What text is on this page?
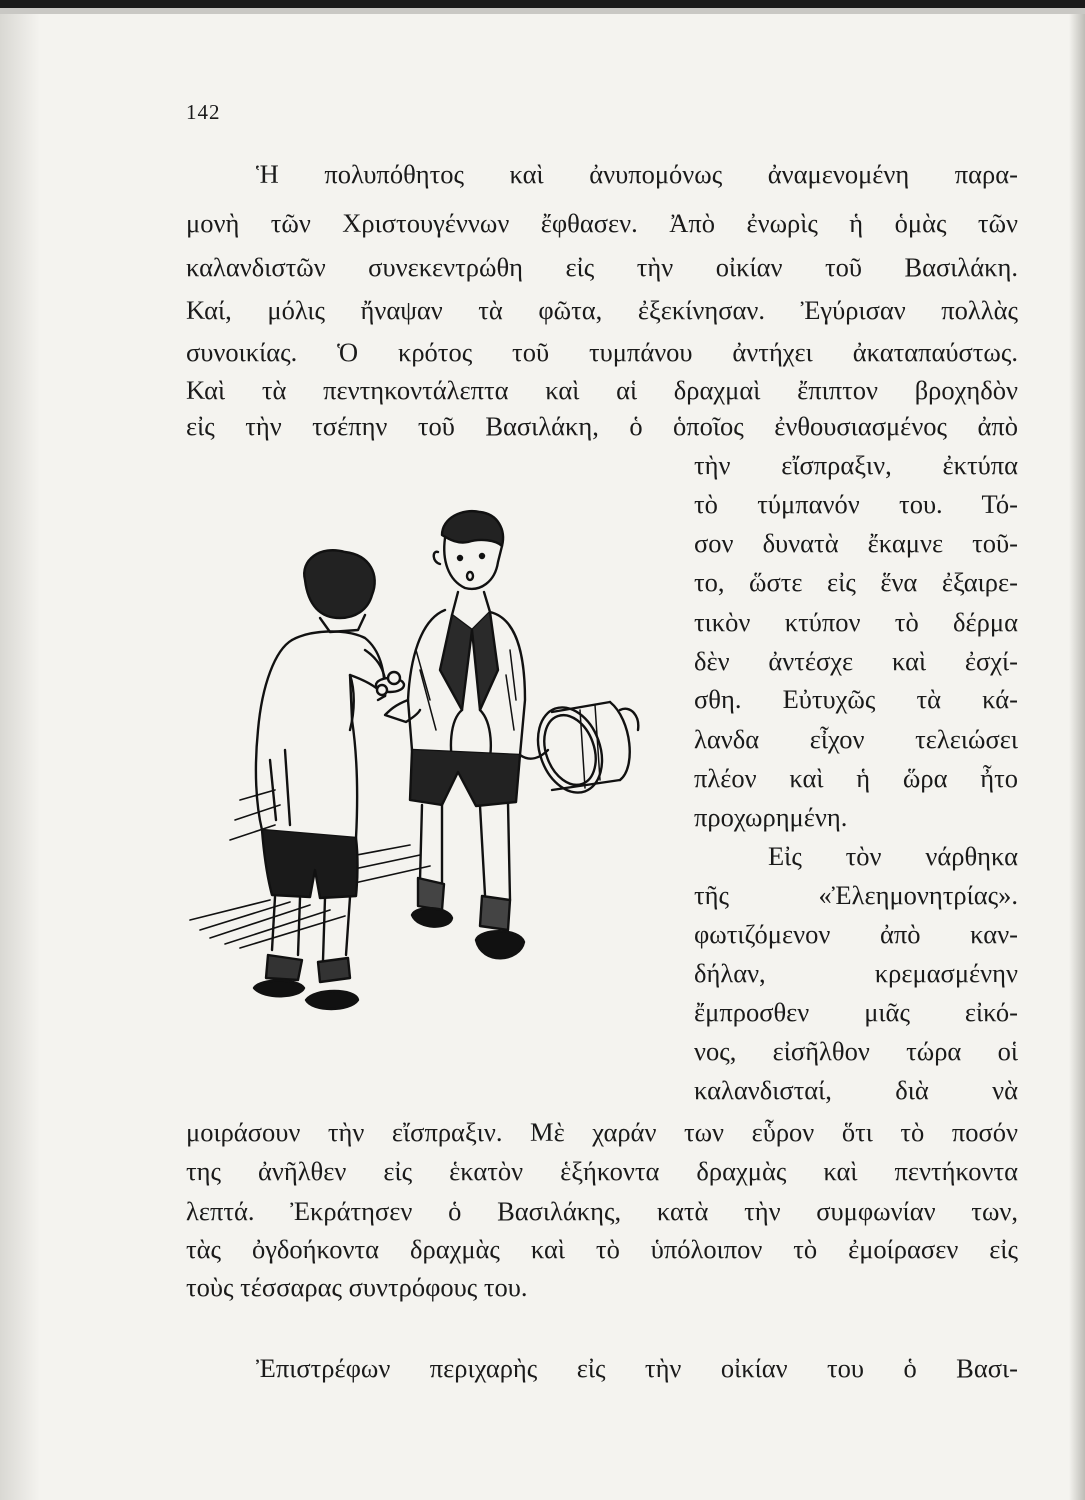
142
Ἡ πολυπόθητος καὶ ἀνυπομόνως ἀναμενομένη παρα-
μονὴ τῶν Χριστουγέννων ἔφθασεν. Ἀπὸ ἐνωρὶς ἡ ὁμὰς τῶν
καλανδιστῶν συνεκεντρώθη εἰς τὴν οἰκίαν τοῦ Βασιλάκη.
Καί, μόλις ἤναψαν τὰ φῶτα, ἐξεκίνησαν. Ἐγύρισαν πολλὰς
συνοικίας. Ὁ κρότος τοῦ τυμπάνου ἀντήχει ἀκαταπαύστως.
Καὶ τὰ πεντηκοντάλεπτα καὶ αἱ δραχμαὶ ἔπιπτον βροχηδὸν
εἰς τὴν τσέπην τοῦ Βασιλάκη, ὁ ὁποῖος ἐνθουσιασμένος ἀπὸ
τὴν εἴσπραξιν, ἐκτύπα
τὸ τύμπανόν του. Τό-
σον δυνατὰ ἔκαμνε τοῦ-
το, ὥστε εἰς ἕνα ἐξαιρε-
τικὸν κτύπον τὸ δέρμα
δὲν ἀντέσχε καὶ ἐσχί-
σθη. Εὐτυχῶς τὰ κά-
λανδα εἶχον τελειώσει
πλέον καὶ ἡ ὥρα ἦτο
προχωρημένη.
Εἰς τὸν νάρθηκα
τῆς «Ἐλεημονητρίας».
φωτιζόμενον ἀπὸ καν-
δήλαν, κρεμασμένην
ἔμπροσθεν μιᾶς εἰκό-
νος, εἰσῆλθον τώρα οἱ
καλανδισταί, διὰ νὰ
μοιράσουν τὴν εἴσπραξιν. Μὲ χαράν των εὗρον ὅτι τὸ ποσόν
της ἀνῆλθεν εἰς ἑκατὸν ἑξήκοντα δραχμὰς καὶ πεντήκοντα
λεπτά. Ἐκράτησεν ὁ Βασιλάκης, κατὰ τὴν συμφωνίαν των,
τὰς ὀγδοήκοντα δραχμὰς καὶ τὸ ὑπόλοιπον τὸ ἐμοίρασεν εἰς
τοὺς τέσσαρας συντρόφους του.
Ἐπιστρέφων περιχαρὴς εἰς τὴν οἰκίαν του ὁ Βασι-
